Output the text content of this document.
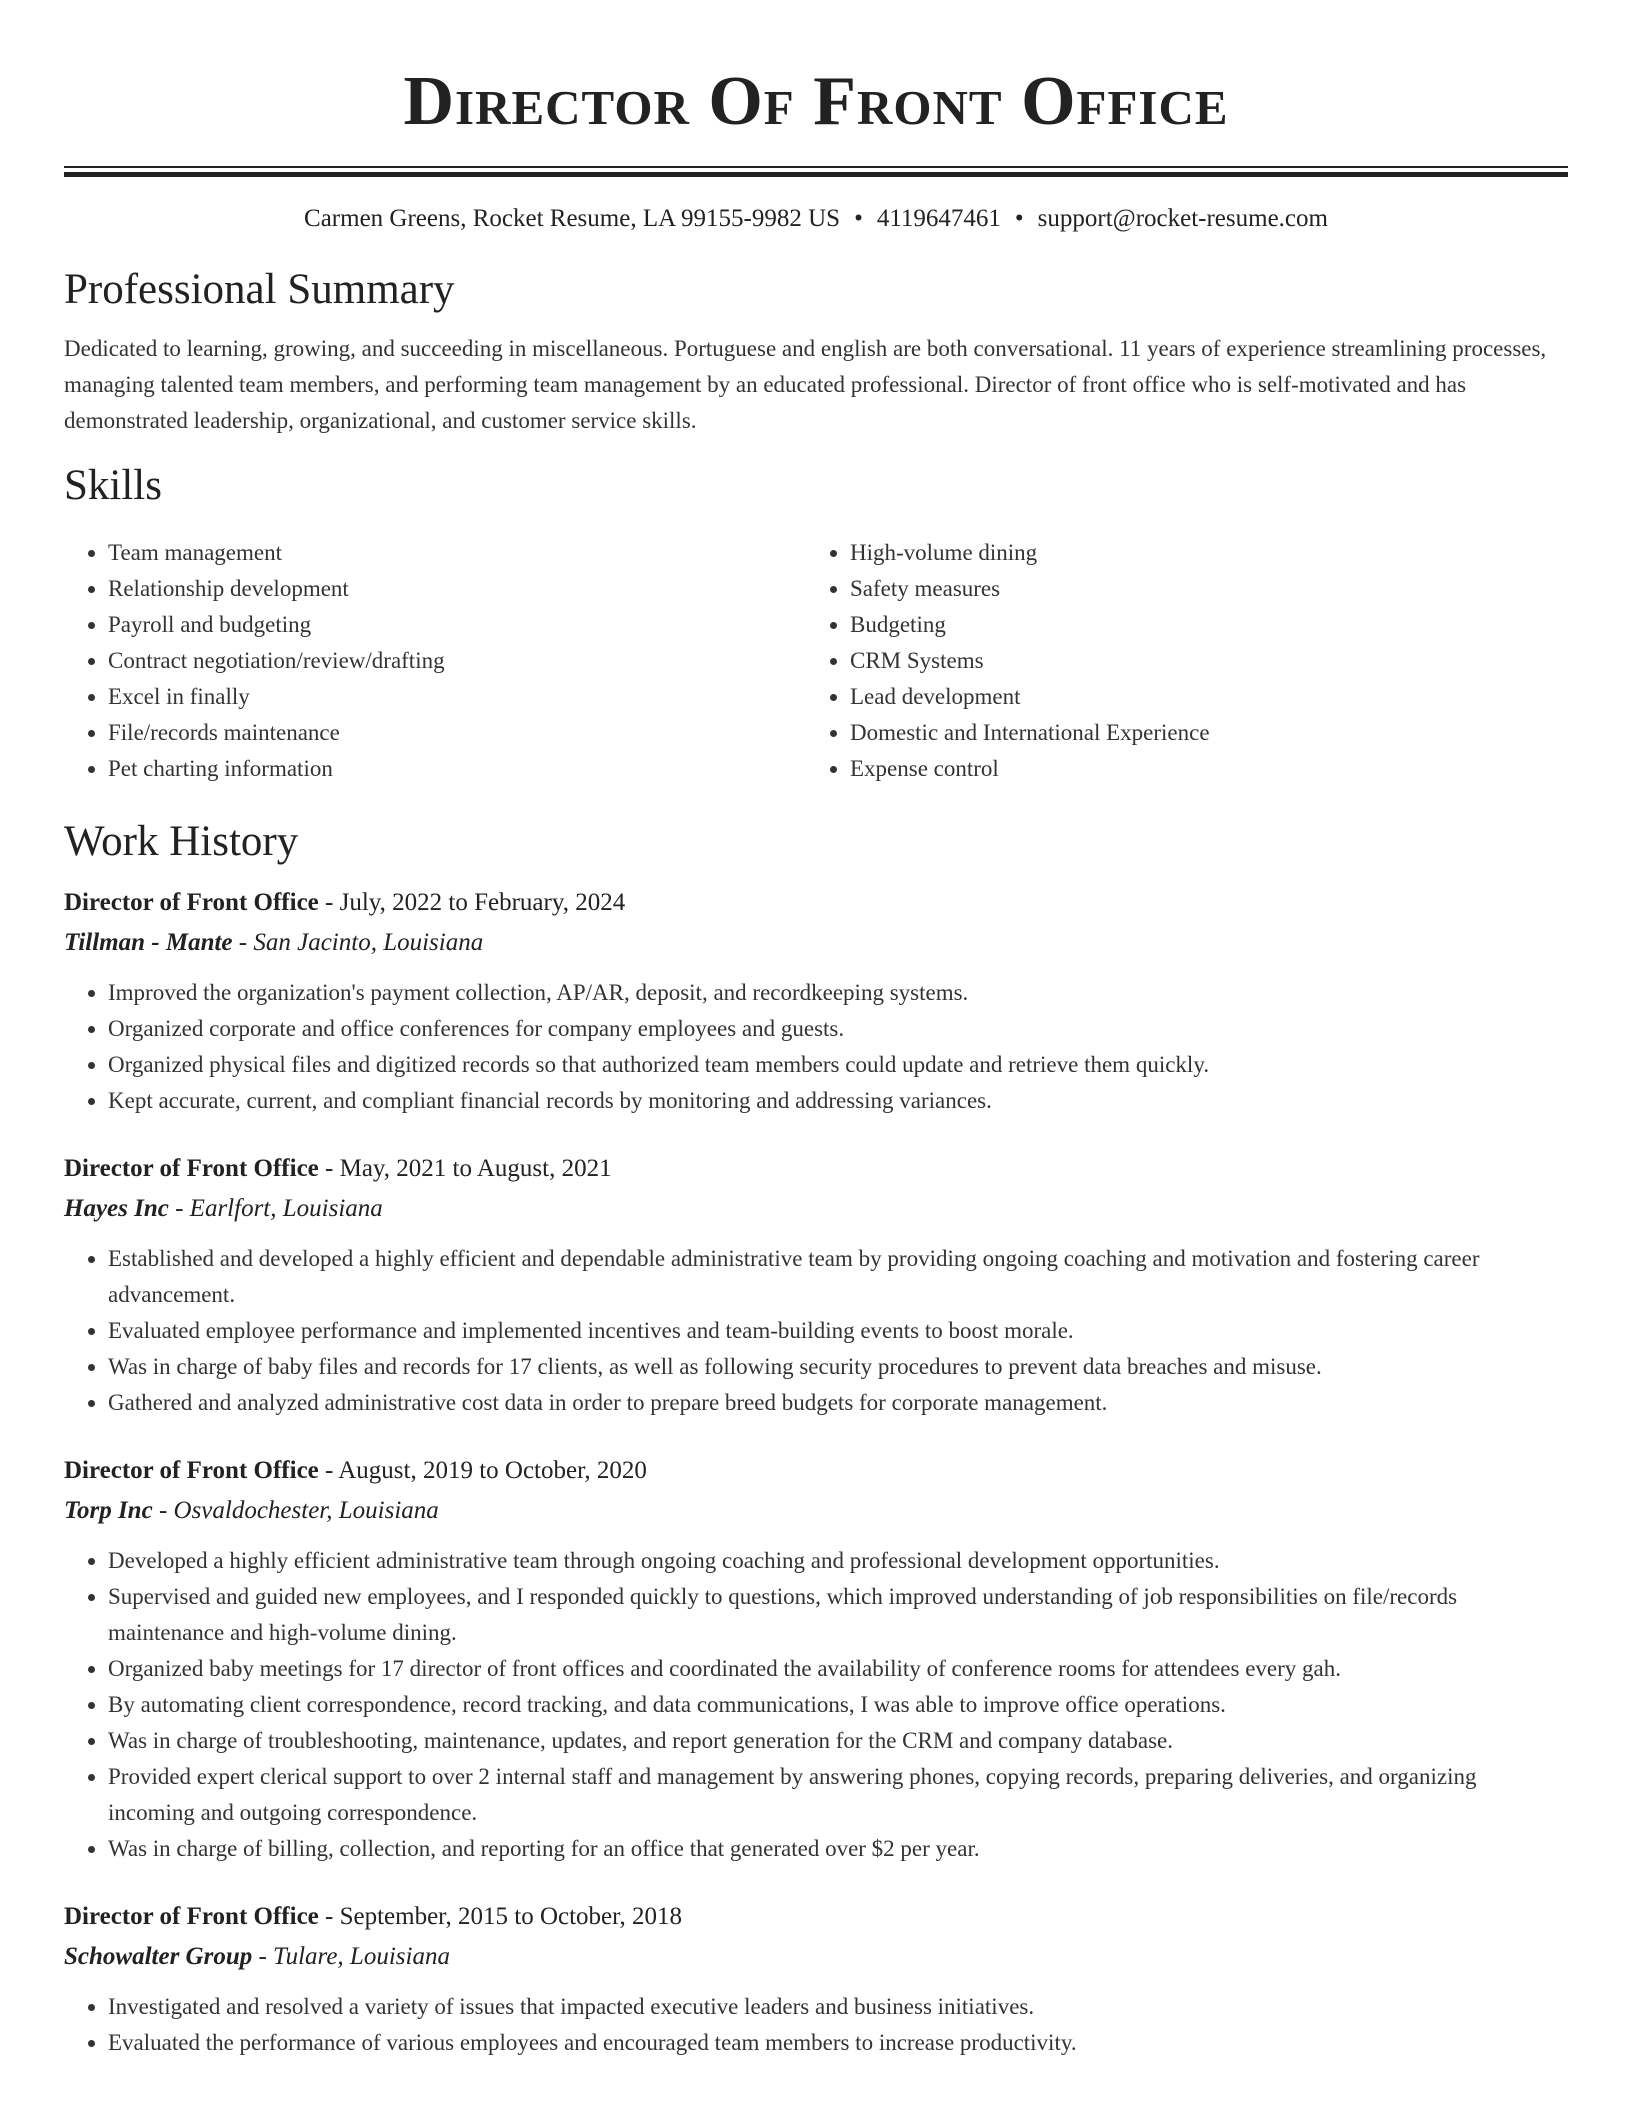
Director Of Front Office
Carmen Greens, Rocket Resume, LA 99155-9982 US • 4119647461 • support@rocket-resume.com
Professional Summary
Dedicated to learning, growing, and succeeding in miscellaneous. Portuguese and english are both conversational. 11 years of experience streamlining processes, managing talented team members, and performing team management by an educated professional. Director of front office who is self-motivated and has demonstrated leadership, organizational, and customer service skills.
Skills
• Team management
• Relationship development
• Payroll and budgeting
• Contract negotiation/review/drafting
• Excel in finally
• File/records maintenance
• Pet charting information
• High-volume dining
• Safety measures
• Budgeting
• CRM Systems
• Lead development
• Domestic and International Experience
• Expense control
Work History
Director of Front Office - July, 2022 to February, 2024
Tillman - Mante - San Jacinto, Louisiana
• Improved the organization's payment collection, AP/AR, deposit, and recordkeeping systems.
• Organized corporate and office conferences for company employees and guests.
• Organized physical files and digitized records so that authorized team members could update and retrieve them quickly.
• Kept accurate, current, and compliant financial records by monitoring and addressing variances.
Director of Front Office - May, 2021 to August, 2021
Hayes Inc - Earlfort, Louisiana
• Established and developed a highly efficient and dependable administrative team by providing ongoing coaching and motivation and fostering career advancement.
• Evaluated employee performance and implemented incentives and team-building events to boost morale.
• Was in charge of baby files and records for 17 clients, as well as following security procedures to prevent data breaches and misuse.
• Gathered and analyzed administrative cost data in order to prepare breed budgets for corporate management.
Director of Front Office - August, 2019 to October, 2020
Torp Inc - Osvaldochester, Louisiana
• Developed a highly efficient administrative team through ongoing coaching and professional development opportunities.
• Supervised and guided new employees, and I responded quickly to questions, which improved understanding of job responsibilities on file/records maintenance and high-volume dining.
• Organized baby meetings for 17 director of front offices and coordinated the availability of conference rooms for attendees every gah.
• By automating client correspondence, record tracking, and data communications, I was able to improve office operations.
• Was in charge of troubleshooting, maintenance, updates, and report generation for the CRM and company database.
• Provided expert clerical support to over 2 internal staff and management by answering phones, copying records, preparing deliveries, and organizing incoming and outgoing correspondence.
• Was in charge of billing, collection, and reporting for an office that generated over $2 per year.
Director of Front Office - September, 2015 to October, 2018
Schowalter Group - Tulare, Louisiana
• Investigated and resolved a variety of issues that impacted executive leaders and business initiatives.
• Evaluated the performance of various employees and encouraged team members to increase productivity.
